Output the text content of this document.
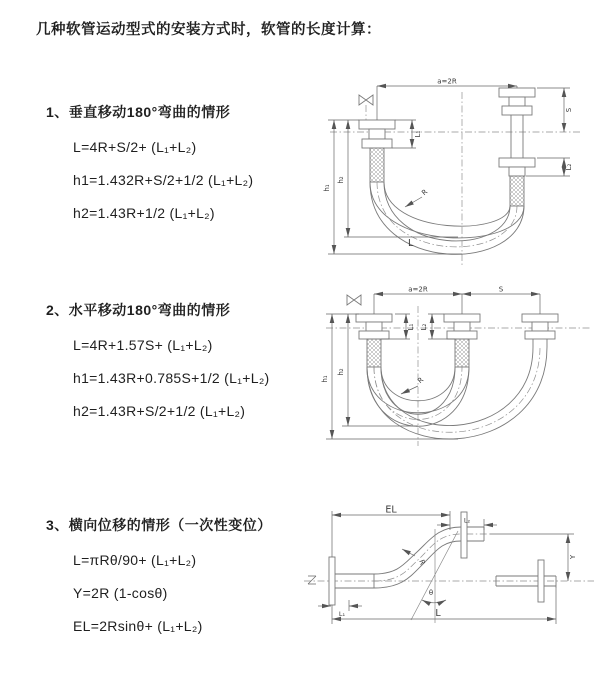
几种软管运动型式的安装方式时，软管的长度计算：
1、垂直移动180°弯曲的情形
L=4R+S/2+ (L₁+L₂)
h1=1.432R+S/2+1/2 (L₁+L₂)
h2=1.43R+1/2 (L₁+L₂)
2、水平移动180°弯曲的情形
L=4R+1.57S+ (L₁+L₂)
h1=1.43R+0.785S+1/2 (L₁+L₂)
h2=1.43R+S/2+1/2 (L₁+L₂)
3、横向位移的情形（一次性变位）
L=πRθ/90+ (L₁+L₂)
Y=2R (1-cosθ)
EL=2Rsinθ+ (L₁+L₂)
a=2R
S
L₂
L₁
h₁
h₂
R
L
a=2R	S
L₁ L₂
h₁
h₂
R
EL
L₂
Y
L
L₁
R
θ
